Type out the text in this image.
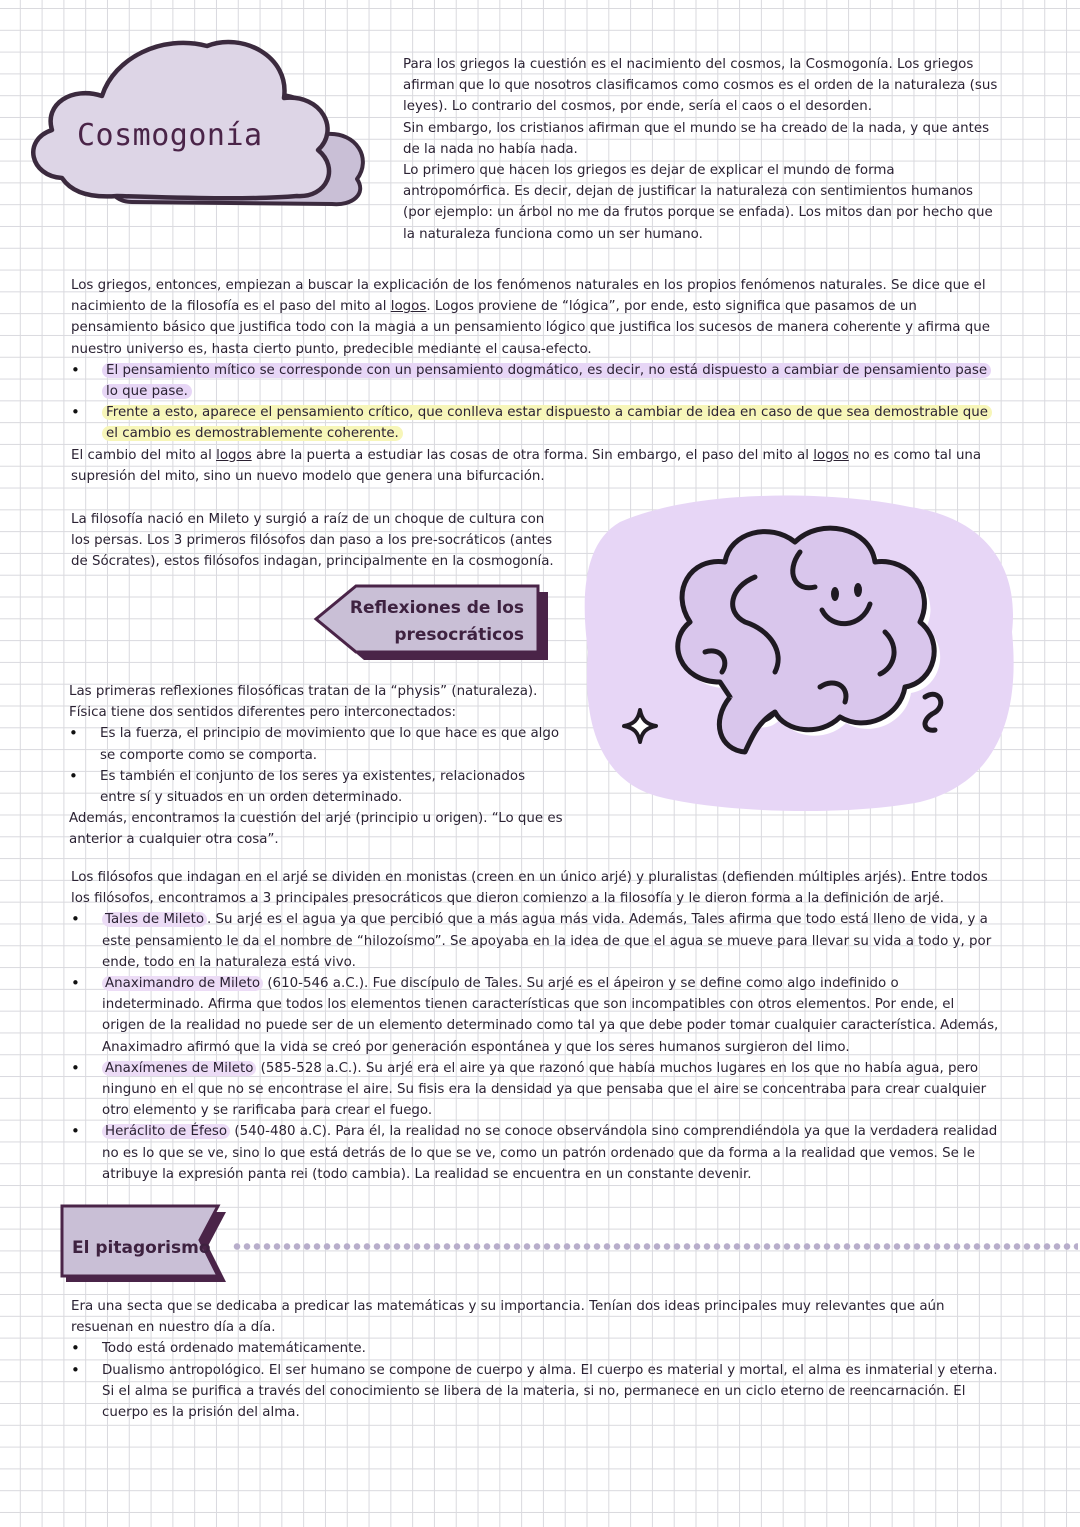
Cosmogonía

Para los griegos la cuestión es el nacimiento del cosmos, la Cosmogonía. Los griegos afirman que lo que nosotros clasificamos como cosmos es el orden de la naturaleza (sus leyes). Lo contrario del cosmos, por ende, sería el caos o el desorden.

Sin embargo, los cristianos afirman que el mundo se ha creado de la nada, y que antes de la nada no había nada.

Lo primero que hacen los griegos es dejar de explicar el mundo de forma antropomórfica. Es decir, dejan de justificar la naturaleza con sentimientos humanos (por ejemplo: un árbol no me da frutos porque se enfada). Los mitos dan por hecho que la naturaleza funciona como un ser humano.

Los griegos, entonces, empiezan a buscar la explicación de los fenómenos naturales en los propios fenómenos naturales. Se dice que el nacimiento de la filosofía es el paso del mito al logos. Logos proviene de “lógica”, por ende, esto significa que pasamos de un pensamiento básico que justifica todo con la magia a un pensamiento lógico que justifica los sucesos de manera coherente y afirma que nuestro universo es, hasta cierto punto, predecible mediante el causa-efecto.

• El pensamiento mítico se corresponde con un pensamiento dogmático, es decir, no está dispuesto a cambiar de pensamiento pase lo que pase.
• Frente a esto, aparece el pensamiento crítico, que conlleva estar dispuesto a cambiar de idea en caso de que sea demostrable que el cambio es demostrablemente coherente.

El cambio del mito al logos abre la puerta a estudiar las cosas de otra forma. Sin embargo, el paso del mito al logos no es como tal una supresión del mito, sino un nuevo modelo que genera una bifurcación.

La filosofía nació en Mileto y surgió a raíz de un choque de cultura con los persas. Los 3 primeros filósofos dan paso a los pre-socráticos (antes de Sócrates), estos filósofos indagan, principalmente en la cosmogonía.

Reflexiones de los
presocráticos

Las primeras reflexiones filosóficas tratan de la “physis” (naturaleza). Física tiene dos sentidos diferentes pero interconectados:

• Es la fuerza, el principio de movimiento que lo que hace es que algo se comporte como se comporta.
• Es también el conjunto de los seres ya existentes, relacionados entre sí y situados en un orden determinado.

Además, encontramos la cuestión del arjé (principio u origen). “Lo que es anterior a cualquier otra cosa”.

Los filósofos que indagan en el arjé se dividen en monistas (creen en un único arjé) y pluralistas (defienden múltiples arjés). Entre todos los filósofos, encontramos a 3 principales presocráticos que dieron comienzo a la filosofía y le dieron forma a la definición de arjé.

• Tales de Mileto . Su arjé es el agua ya que percibió que a más agua más vida. Además, Tales afirma que todo está lleno de vida, y a este pensamiento le da el nombre de “hilozoísmo”. Se apoyaba en la idea de que el agua se mueve para llevar su vida a todo y, por ende, todo en la naturaleza está vivo.
• Anaximandro de Mileto (610-546 a.C.). Fue discípulo de Tales. Su arjé es el ápeiron y se define como algo indefinido o indeterminado. Afirma que todos los elementos tienen características que son incompatibles con otros elementos. Por ende, el origen de la realidad no puede ser de un elemento determinado como tal ya que debe poder tomar cualquier característica. Además, Anaximadro afirmó que la vida se creó por generación espontánea y que los seres humanos surgieron del limo.
• Anaxímenes de Mileto (585-528 a.C.). Su arjé era el aire ya que razonó que había muchos lugares en los que no había agua, pero ninguno en el que no se encontrase el aire. Su fisis era la densidad ya que pensaba que el aire se concentraba para crear cualquier otro elemento y se rarificaba para crear el fuego.
• Heráclito de Éfeso (540-480 a.C). Para él, la realidad no se conoce observándola sino comprendiéndola ya que la verdadera realidad no es lo que se ve, sino lo que está detrás de lo que se ve, como un patrón ordenado que da forma a la realidad que vemos. Se le atribuye la expresión panta rei (todo cambia). La realidad se encuentra en un constante devenir.
El pitagorismo

Era una secta que se dedicaba a predicar las matemáticas y su importancia. Tenían dos ideas principales muy relevantes que aún resuenan en nuestro día a día.

• Todo está ordenado matemáticamente.
• Dualismo antropológico. El ser humano se compone de cuerpo y alma. El cuerpo es material y mortal, el alma es inmaterial y eterna. Si el alma se purifica a través del conocimiento se libera de la materia, si no, permanece en un ciclo eterno de reencarnación. El cuerpo es la prisión del alma.
